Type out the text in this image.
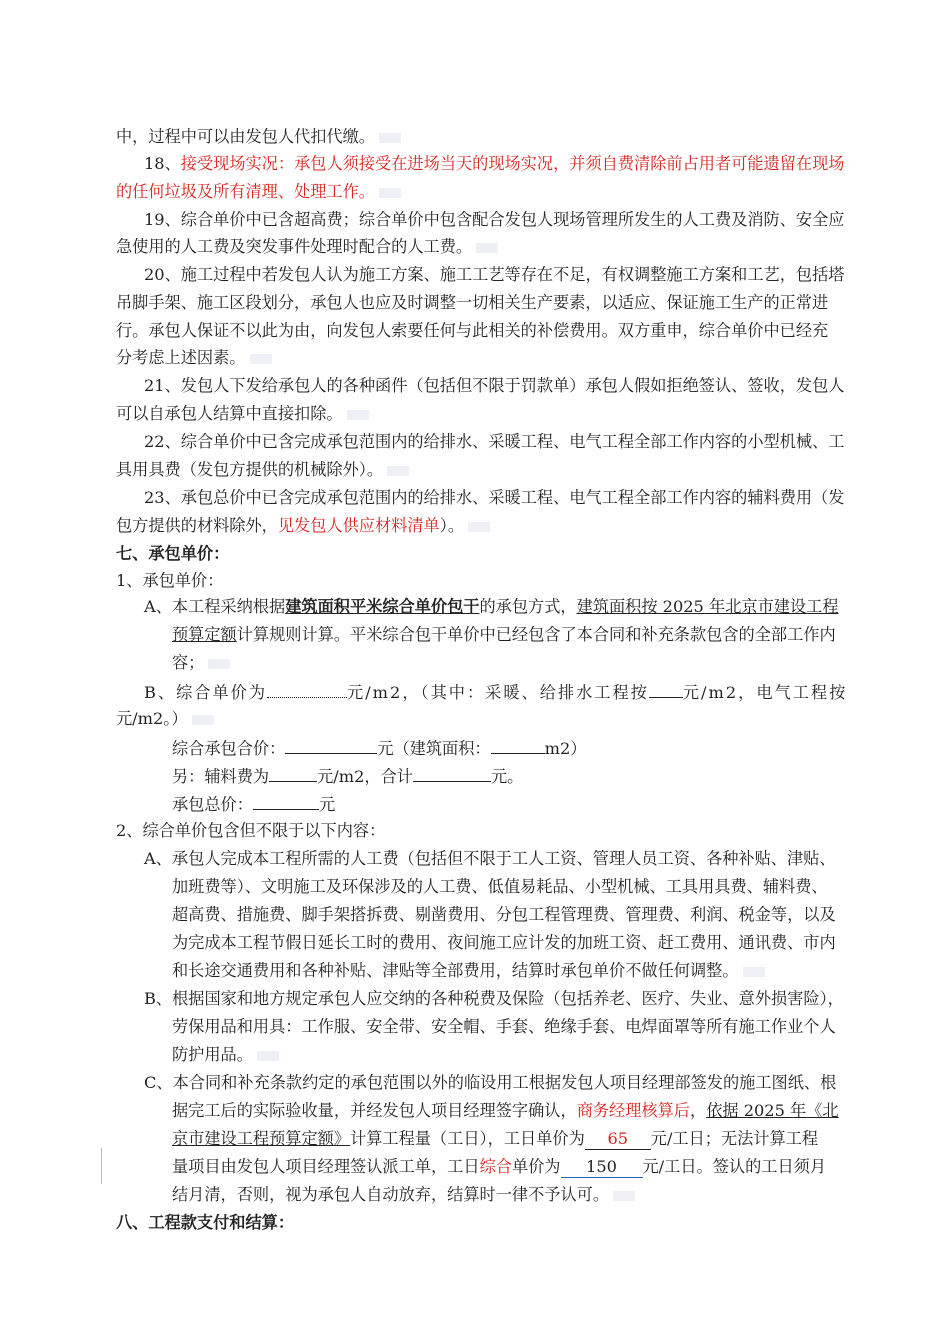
中，过程中可以由发包人代扣代缴。
18、接受现场实况：承包人须接受在进场当天的现场实况，并须自费清除前占用者可能遗留在现场
的任何垃圾及所有清理、处理工作。
19、综合单价中已含超高费；综合单价中包含配合发包人现场管理所发生的人工费及消防、安全应
急使用的人工费及突发事件处理时配合的人工费。
20、施工过程中若发包人认为施工方案、施工工艺等存在不足，有权调整施工方案和工艺，包括塔
吊脚手架、施工区段划分，承包人也应及时调整一切相关生产要素，以适应、保证施工生产的正常进
行。承包人保证不以此为由，向发包人索要任何与此相关的补偿费用。双方重申，综合单价中已经充
分考虑上述因素。
21、发包人下发给承包人的各种函件（包括但不限于罚款单）承包人假如拒绝签认、签收，发包人
可以自承包人结算中直接扣除。
22、综合单价中已含完成承包范围内的给排水、采暖工程、电气工程全部工作内容的小型机械、工
具用具费（发包方提供的机械除外）。
23、承包总价中已含完成承包范围内的给排水、采暖工程、电气工程全部工作内容的辅料费用（发
包方提供的材料除外，见发包人供应材料清单）。
七、承包单价：
1、承包单价：
A、本工程采纳根据建筑面积平米综合单价包干的承包方式，建筑面积按 2025 年北京市建设工程
预算定额计算规则计算。平米综合包干单价中已经包含了本合同和补充条款包含的全部工作内
容；
B、综合单价为	元/m2，（其中：采暖、给排水工程按 元/m2，电气工程按
元/m2。）
综合承包合价：	元（建筑面积：	m2）
另：辅料费为	元/m2，合计	元。
承包总价：	元
2、综合单价包含但不限于以下内容：
A、承包人完成本工程所需的人工费（包括但不限于工人工资、管理人员工资、各种补贴、津贴、
加班费等）、文明施工及环保涉及的人工费、低值易耗品、小型机械、工具用具费、辅料费、
超高费、措施费、脚手架搭拆费、剔凿费用、分包工程管理费、管理费、利润、税金等，以及
为完成本工程节假日延长工时的费用、夜间施工应计发的加班工资、赶工费用、通讯费、市内
和长途交通费用和各种补贴、津贴等全部费用，结算时承包单价不做任何调整。
B、根据国家和地方规定承包人应交纳的各种税费及保险（包括养老、医疗、失业、意外损害险），
劳保用品和用具：工作服、安全带、安全帽、手套、绝缘手套、电焊面罩等所有施工作业个人
防护用品。
C、本合同和补充条款约定的承包范围以外的临设用工根据发包人项目经理部签发的施工图纸、根
据完工后的实际验收量，并经发包人项目经理签字确认，商务经理核算后，依据 2025 年《北
京市建设工程预算定额》计算工程量（工日），工日单价为 65 元/工日；无法计算工程
量项目由发包人项目经理签认派工单，工日综合单价为 150 元/工日。签认的工日须月
结月清，否则，视为承包人自动放弃，结算时一律不予认可。
八、工程款支付和结算：
